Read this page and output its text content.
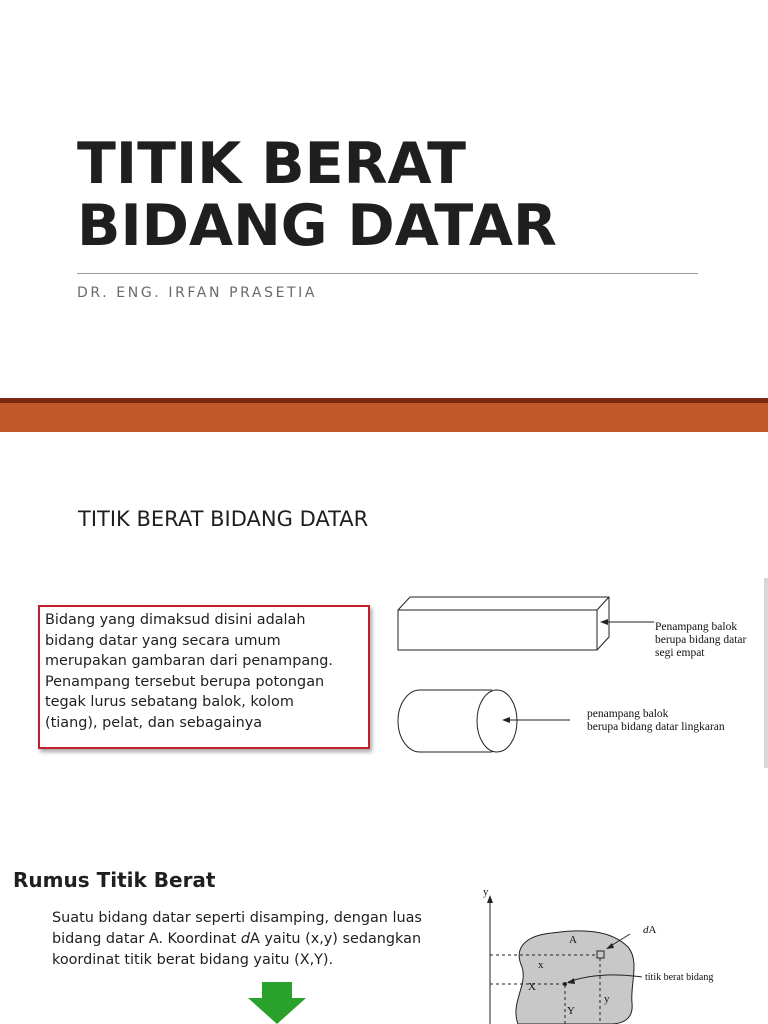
TITIK BERAT
BIDANG DATAR
DR. ENG. IRFAN PRASETIA
TITIK BERAT BIDANG DATAR
Bidang yang dimaksud disini adalah
bidang datar yang secara umum
merupakan gambaran dari penampang.
Penampang tersebut berupa potongan
tegak lurus sebatang balok, kolom
(tiang), pelat, dan sebagainya
Penampang balok
berupa bidang datar
segi empat
penampang balok
berupa bidang datar lingkaran
Rumus Titik Berat
Suatu bidang datar seperti disamping, dengan luas bidang datar A. Koordinat dA yaitu (x,y) sedangkan koordinat titik berat bidang yaitu (X,Y).
y
A
dA
x
X
y
Y
titik berat bidang
